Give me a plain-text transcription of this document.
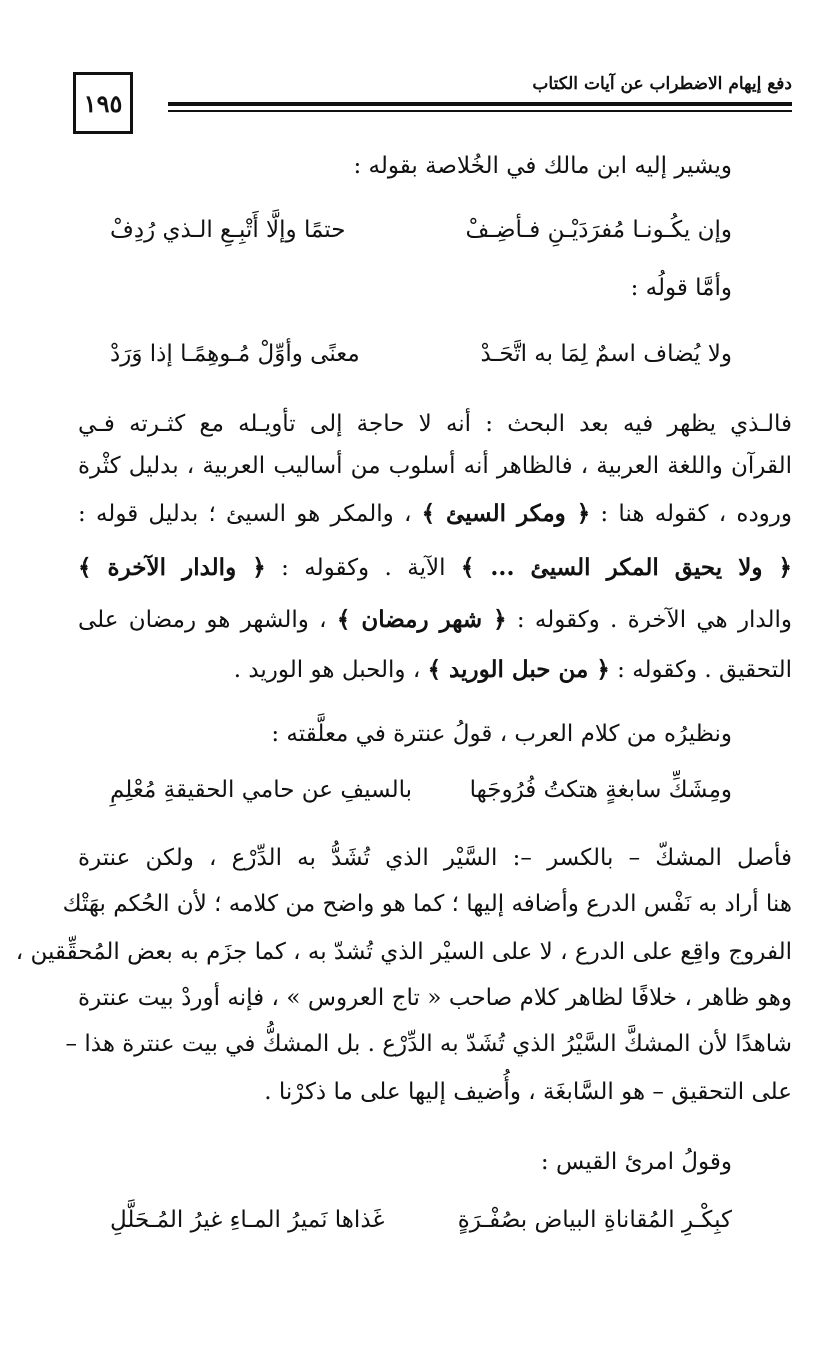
١٩٥
دفع إيهام الاضطراب عن آيات الكتاب
ويشير إليه ابن مالك في الخُلاصة بقوله :
وإن يكُـونـا مُفرَدَيْـنِ فـأضِـفْ
حتمًا وإلَّا أَتْبِـعِ الـذي رُدِفْ
وأمَّا قولُه :
ولا يُضاف اسمٌ لِمَا به اتَّحَـدْ
معنًى وأوِّلْ مُـوهِمًـا إذا وَرَدْ
فالـذي يظهر فيه بعد البحث : أنه لا حاجة إلى تأويـله مع كثـرته فـي
القرآن واللغة العربية ، فالظاهر أنه أسلوب من أساليب العربية ، بدليل كثْرة
وروده ، كقوله هنا : ﴿ ومكر السيئ ﴾ ، والمكر هو السيئ ؛ بدليل قوله :
﴿ ولا يحيق المكر السيئ ... ﴾ الآية . وكقوله : ﴿ والدار الآخرة ﴾
والدار هي الآخرة . وكقوله : ﴿ شهر رمضان ﴾ ، والشهر هو رمضان على
التحقيق . وكقوله : ﴿ من حبل الوريد ﴾ ، والحبل هو الوريد .
ونظيرُه من كلام العرب ، قولُ عنترة في معلَّقته :
ومِشَكِّ سابغةٍ هتكتُ فُرُوجَها
بالسيفِ عن حامي الحقيقةِ مُعْلِمِ
فأصل المشكّ – بالكسر –: السَّيْر الذي تُشَدُّ به الدِّرْع ، ولكن عنترة
هنا أراد به نَفْس الدرع وأضافه إليها ؛ كما هو واضح من كلامه ؛ لأن الحُكم بهَتْك
الفروج واقِع على الدرع ، لا على السيْر الذي تُشدّ به ، كما جزَم به بعض المُحقِّقين ،
وهو ظاهر ، خلافًا لظاهر كلام صاحب « تاج العروس » ، فإنه أوردْ بيت عنترة
شاهدًا لأن المشكَّ السَّيْرُ الذي تُشَدّ به الدِّرْع . بل المشكُّ في بيت عنترة هذا –
على التحقيق – هو السَّابغَة ، وأُضيف إليها على ما ذكرْنا .
وقولُ امرئ القيس :
كبِكْـرِ المُقاناةِ البياض بصُفْـرَةٍ
غَذاها نَميرُ المـاءِ غيرُ المُـحَلَّلِ
